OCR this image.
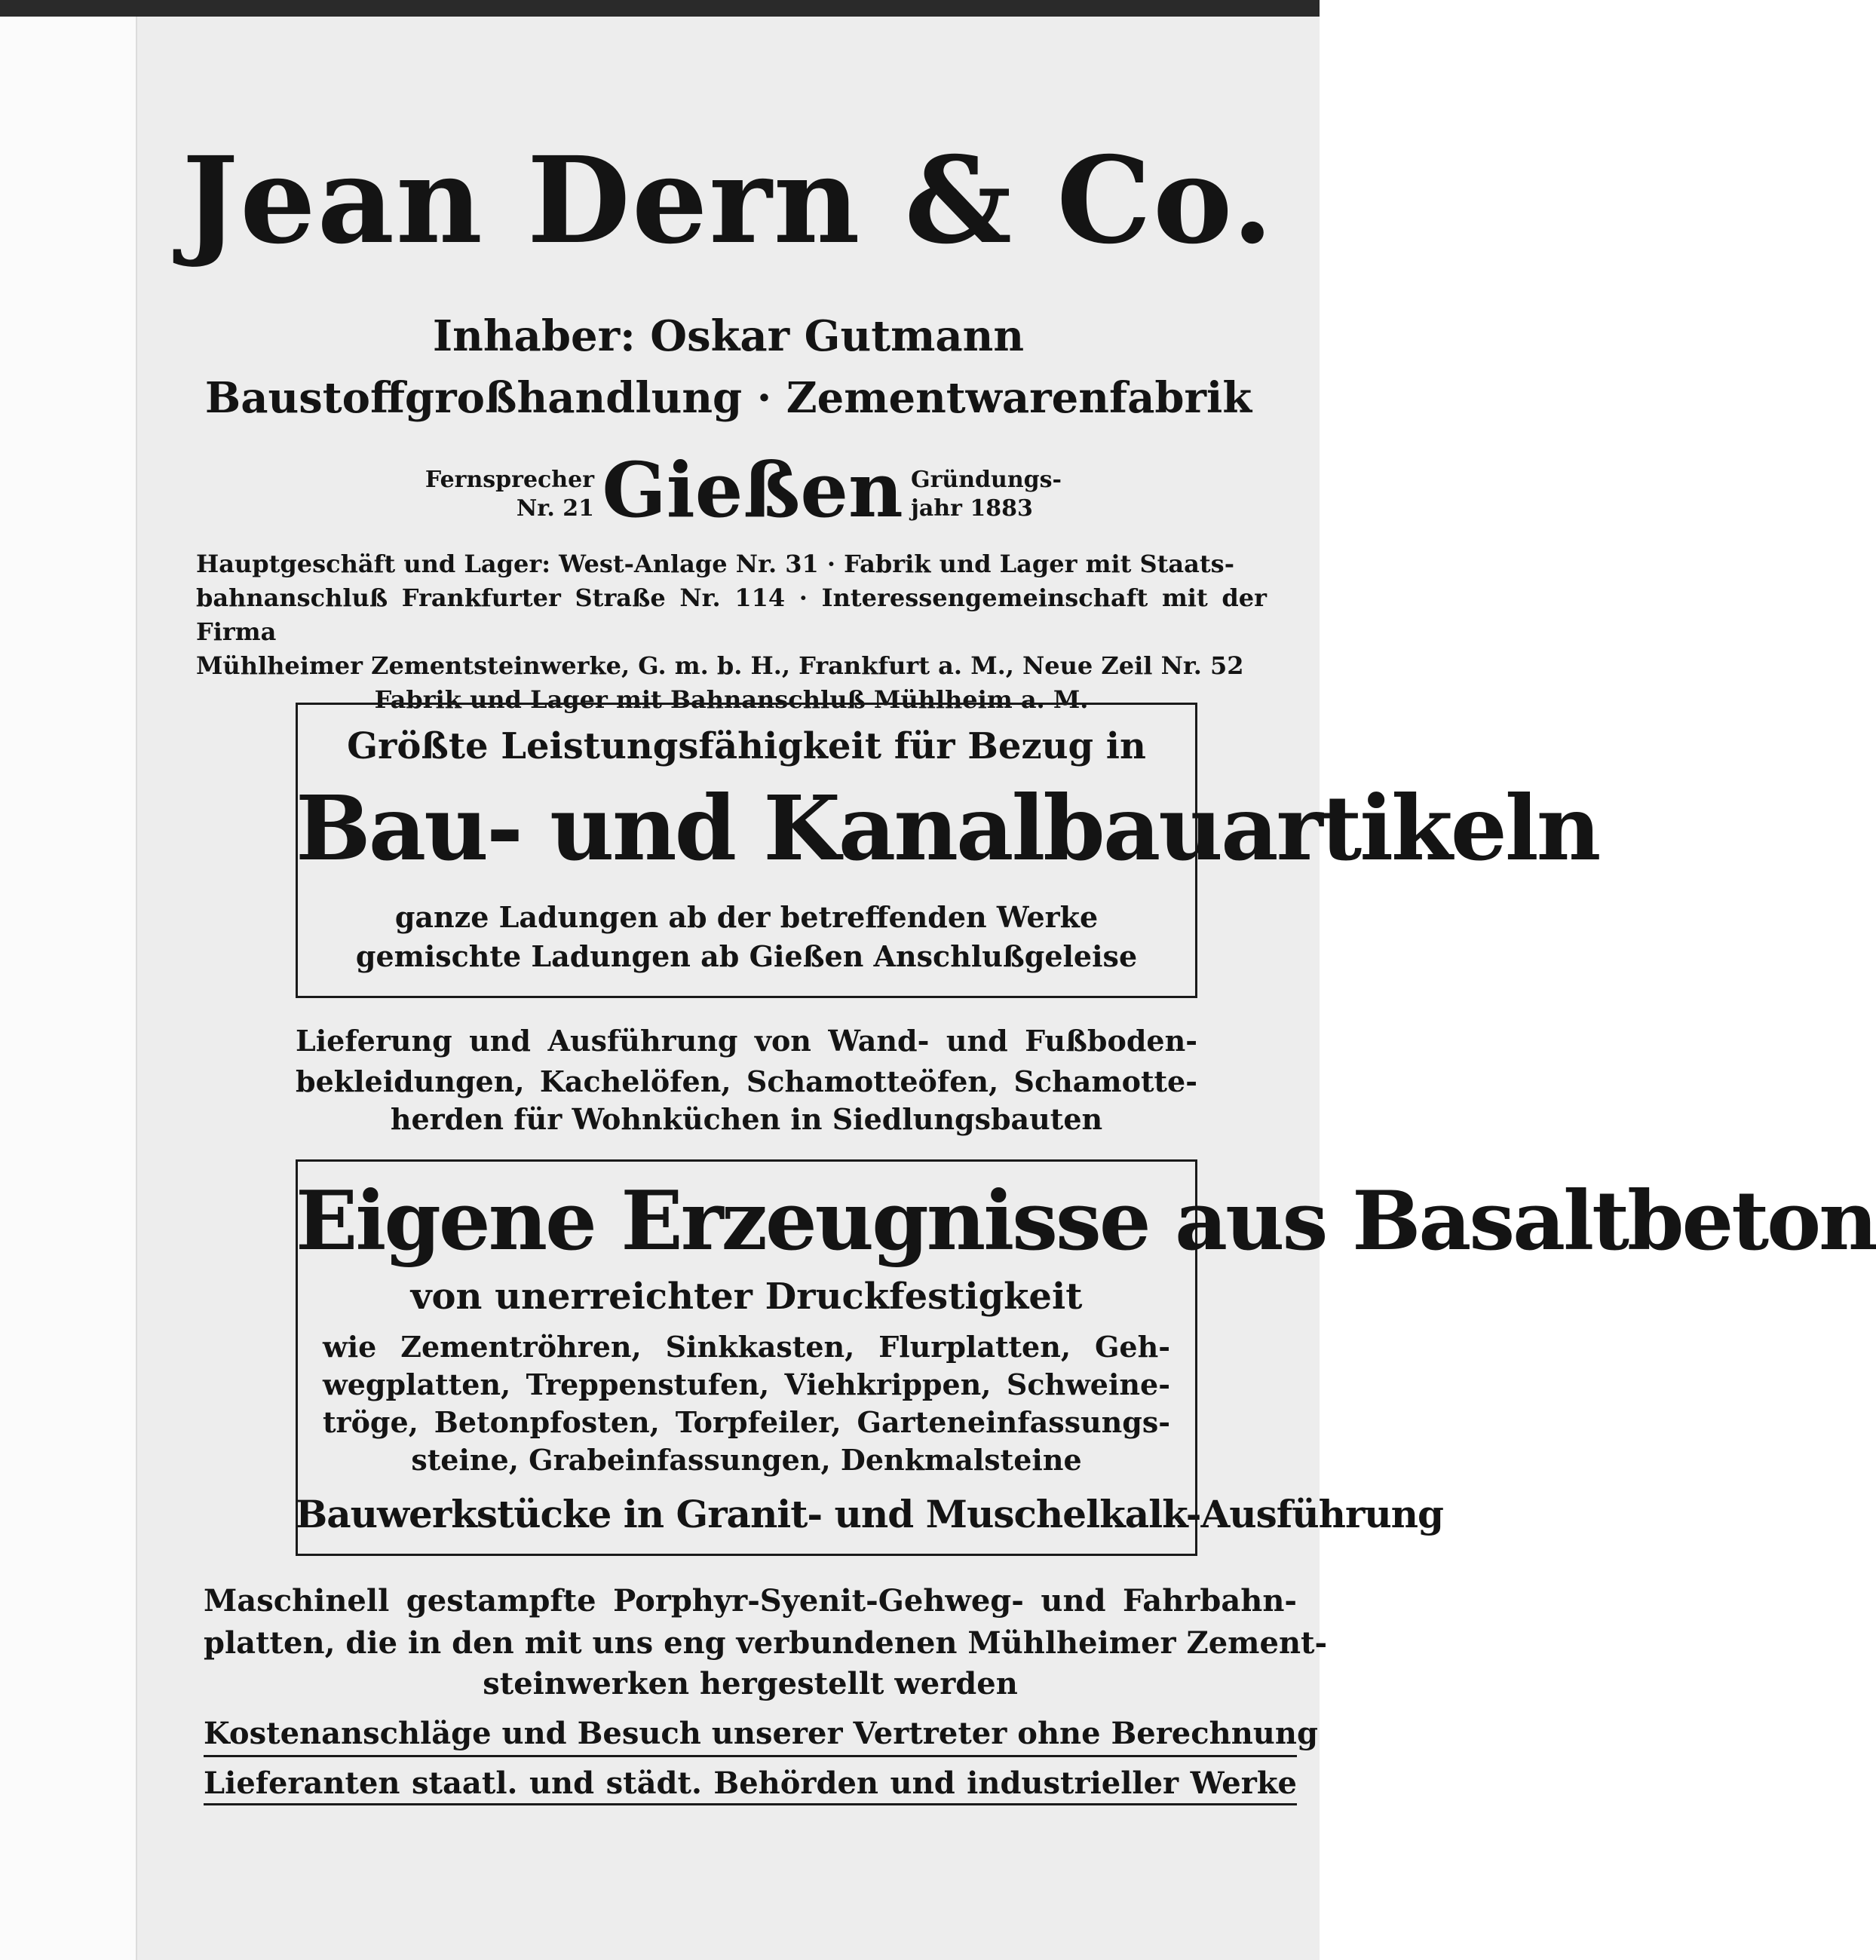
Jean Dern & Co.
Inhaber: Oskar Gutmann
Baustoffgroßhandlung · Zementwarenfabrik
Fernsprecher
Nr. 21 Gießen Gründungs-
jahr 1883
Hauptgeschäft und Lager: West-Anlage Nr. 31 · Fabrik und Lager mit Staats-
bahnanschluß Frankfurter Straße Nr. 114 · Interessengemeinschaft mit der Firma
Mühlheimer Zementsteinwerke, G. m. b. H., Frankfurt a. M., Neue Zeil Nr. 52
Fabrik und Lager mit Bahnanschluß Mühlheim a. M.
Größte Leistungsfähigkeit für Bezug in
Bau- und Kanalbauartikeln
ganze Ladungen ab der betreffenden Werke
gemischte Ladungen ab Gießen Anschlußgeleise
Lieferung und Ausführung von Wand- und Fußboden-
bekleidungen, Kachelöfen, Schamotteöfen, Schamotte-
herden für Wohnküchen in Siedlungsbauten
Eigene Erzeugnisse aus Basaltbeton
von unerreichter Druckfestigkeit
wie Zementröhren, Sinkkasten, Flurplatten, Geh-
wegplatten, Treppenstufen, Viehkrippen, Schweine-
tröge, Betonpfosten, Torpfeiler, Garteneinfassungs-
steine, Grabeinfassungen, Denkmalsteine
Bauwerkstücke in Granit- und Muschelkalk-Ausführung
Maschinell gestampfte Porphyr-Syenit-Gehweg- und Fahrbahn-
platten, die in den mit uns eng verbundenen Mühlheimer Zement-
steinwerken hergestellt werden
Kostenanschläge und Besuch unserer Vertreter ohne Berechnung
Lieferanten staatl. und städt. Behörden und industrieller Werke
